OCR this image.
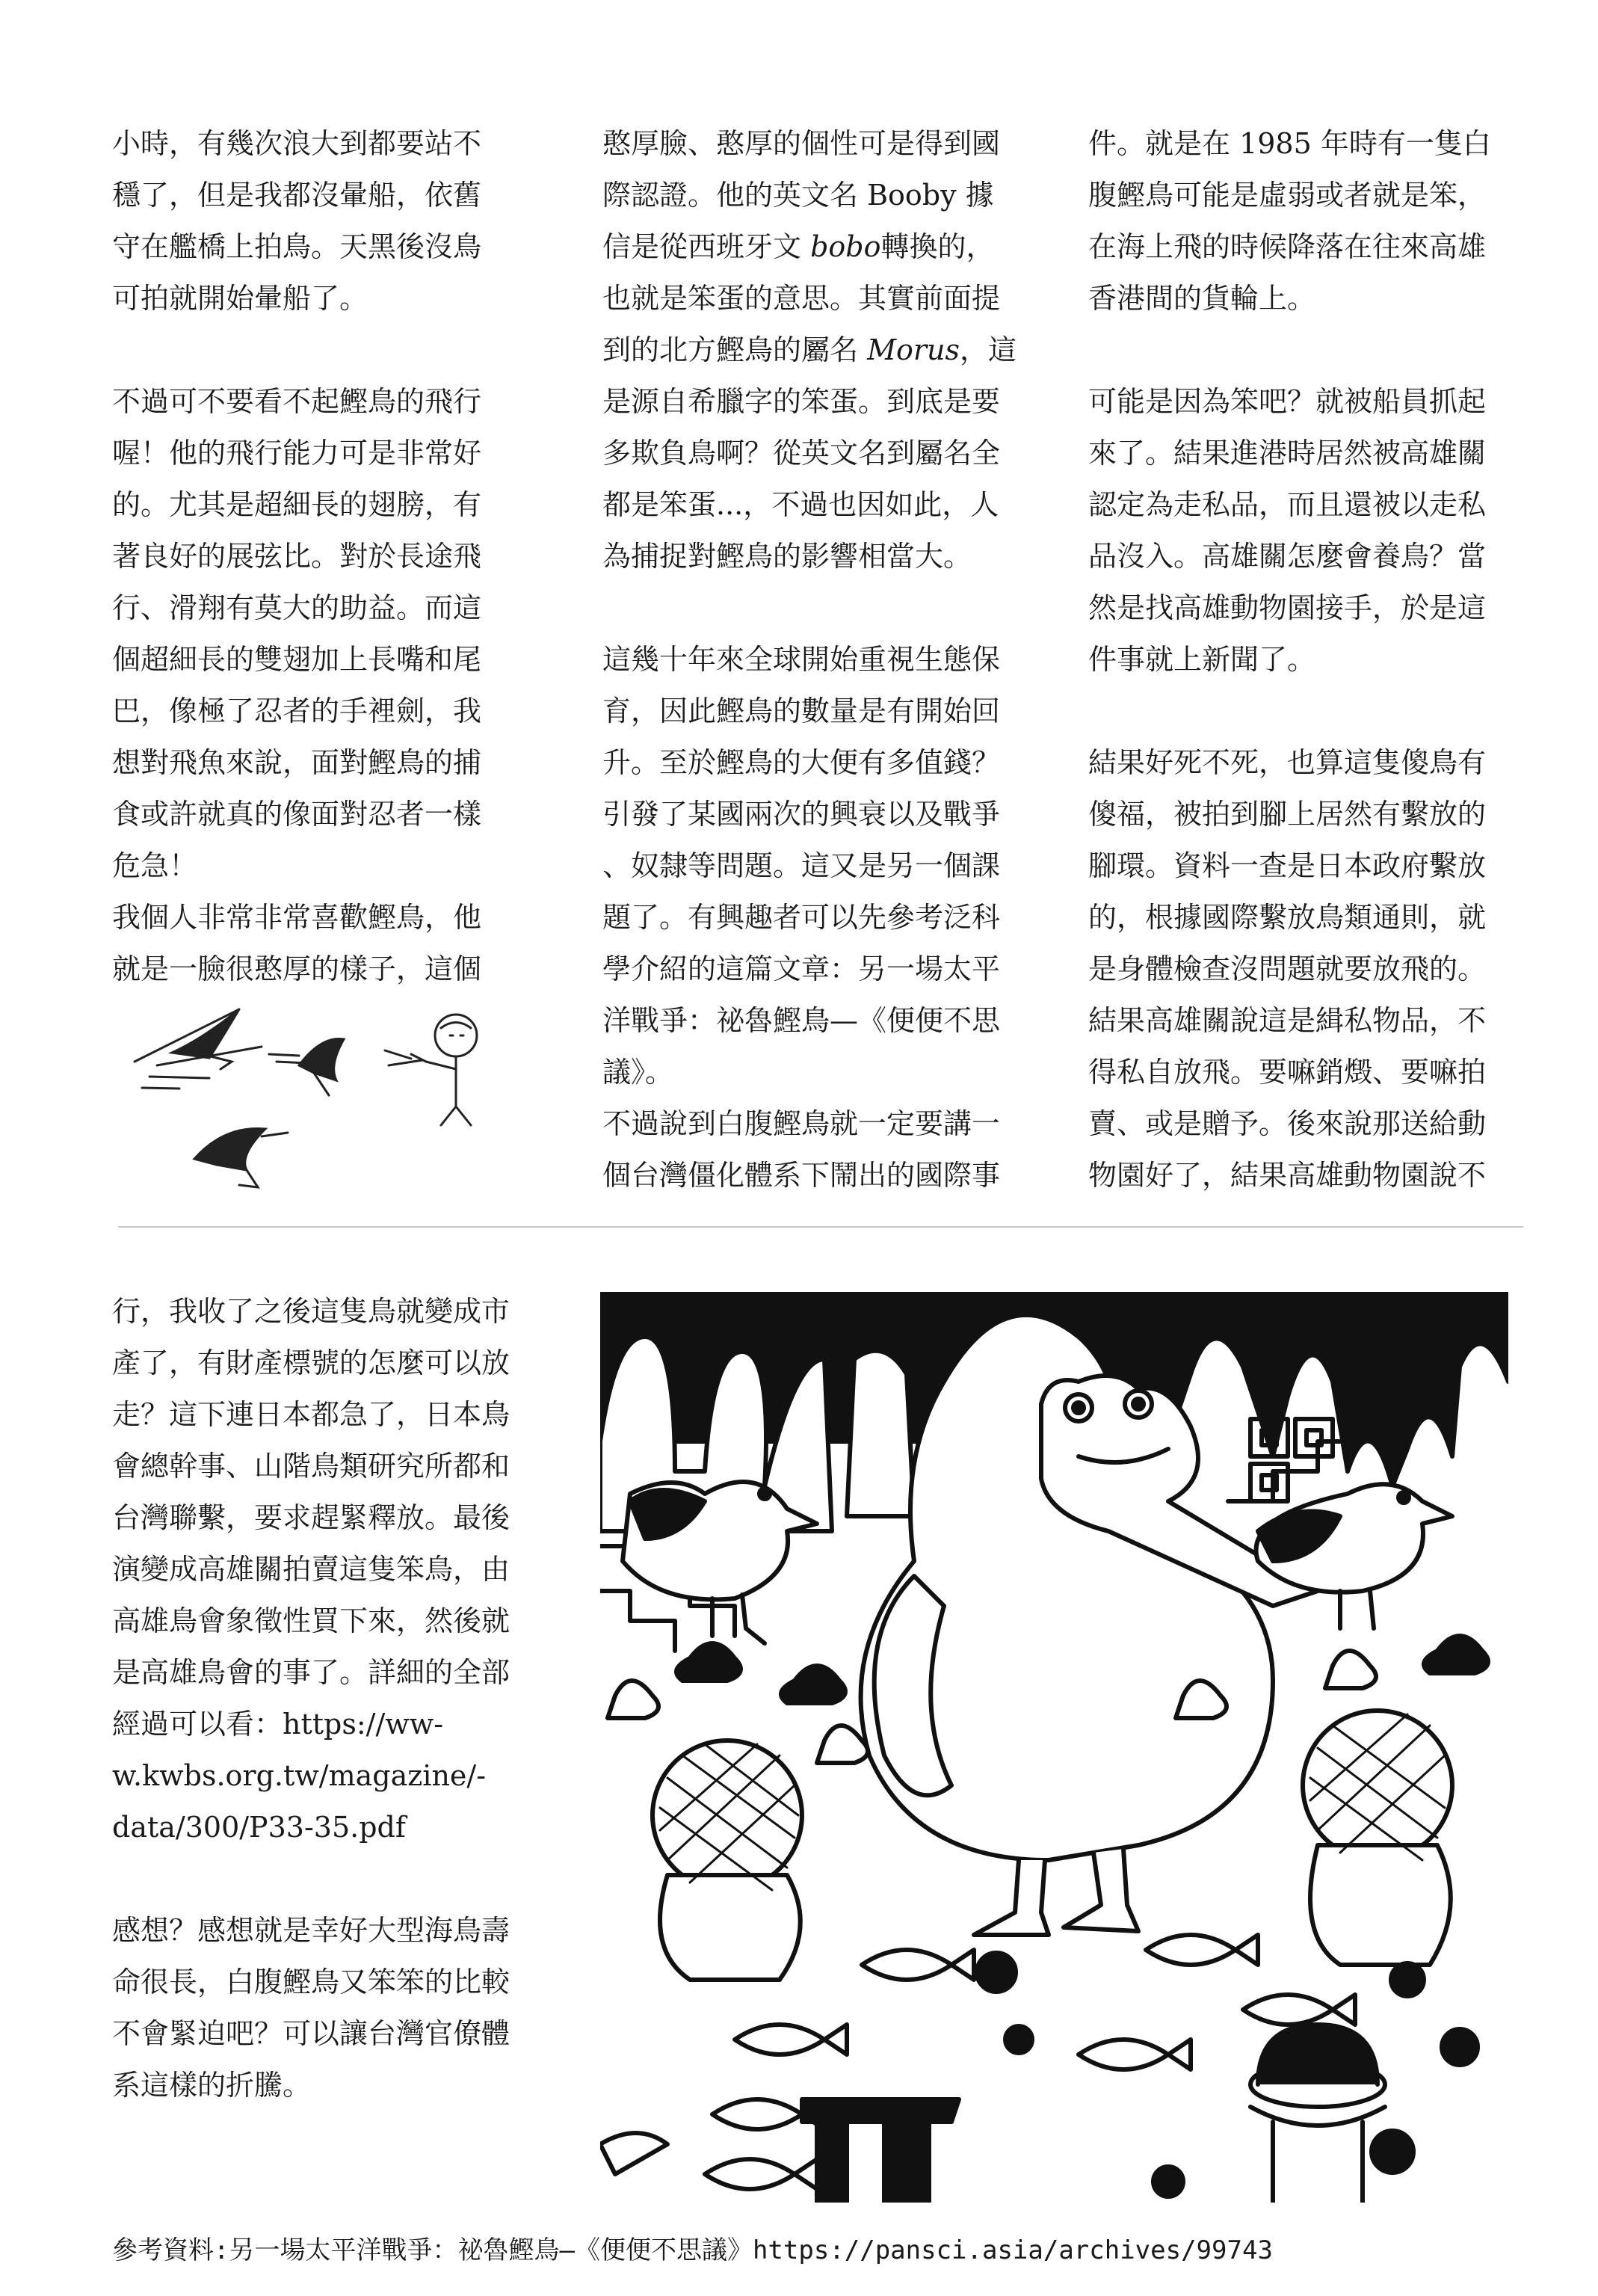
小時，有幾次浪大到都要站不
穩了，但是我都沒暈船，依舊
守在艦橋上拍鳥。天黑後沒鳥
可拍就開始暈船了。

不過可不要看不起鰹鳥的飛行
喔！他的飛行能力可是非常好
的。尤其是超細長的翅膀，有
著良好的展弦比。對於長途飛
行、滑翔有莫大的助益。而這
個超細長的雙翅加上長嘴和尾
巴，像極了忍者的手裡劍，我
想對飛魚來說，面對鰹鳥的捕
食或許就真的像面對忍者一樣
危急！

我個人非常非常喜歡鰹鳥，他
就是一臉很憨厚的樣子，這個

憨厚臉、憨厚的個性可是得到國
際認證。他的英文名 Booby 據
信是從西班牙文 bobo轉換的，
也就是笨蛋的意思。其實前面提
到的北方鰹鳥的屬名 Morus，這
是源自希臘字的笨蛋。到底是要
多欺負鳥啊？從英文名到屬名全
都是笨蛋...，不過也因如此，人
為捕捉對鰹鳥的影響相當大。

這幾十年來全球開始重視生態保
育，因此鰹鳥的數量是有開始回
升。至於鰹鳥的大便有多值錢？
引發了某國兩次的興衰以及戰爭
、奴隸等問題。這又是另一個課
題了。有興趣者可以先參考泛科
學介紹的這篇文章：另一場太平
洋戰爭：祕魯鰹鳥—《便便不思
議》。

不過說到白腹鰹鳥就一定要講一
個台灣僵化體系下鬧出的國際事

件。就是在 1985 年時有一隻白
腹鰹鳥可能是虛弱或者就是笨，
在海上飛的時候降落在往來高雄
香港間的貨輪上。

可能是因為笨吧？就被船員抓起
來了。結果進港時居然被高雄關
認定為走私品，而且還被以走私
品沒入。高雄關怎麼會養鳥？當
然是找高雄動物園接手，於是這
件事就上新聞了。

結果好死不死，也算這隻傻鳥有
傻福，被拍到腳上居然有繫放的
腳環。資料一查是日本政府繫放
的，根據國際繫放鳥類通則，就
是身體檢查沒問題就要放飛的。

結果高雄關說這是緝私物品，不
得私自放飛。要嘛銷燬、要嘛拍
賣、或是贈予。後來說那送給動
物園好了，結果高雄動物園說不

行，我收了之後這隻鳥就變成市
產了，有財產標號的怎麼可以放
走？這下連日本都急了，日本鳥
會總幹事、山階鳥類研究所都和
台灣聯繫，要求趕緊釋放。最後
演變成高雄關拍賣這隻笨鳥，由
高雄鳥會象徵性買下來，然後就
是高雄鳥會的事了。詳細的全部
經過可以看：https://ww-
w.kwbs.org.tw/magazine/-
data/300/P33-35.pdf

感想？感想就是幸好大型海鳥壽
命很長，白腹鰹鳥又笨笨的比較
不會緊迫吧？可以讓台灣官僚體
系這樣的折騰。

參考資料:另一場太平洋戰爭：祕魯鰹鳥—《便便不思議》https://pansci.asia/archives/99743
